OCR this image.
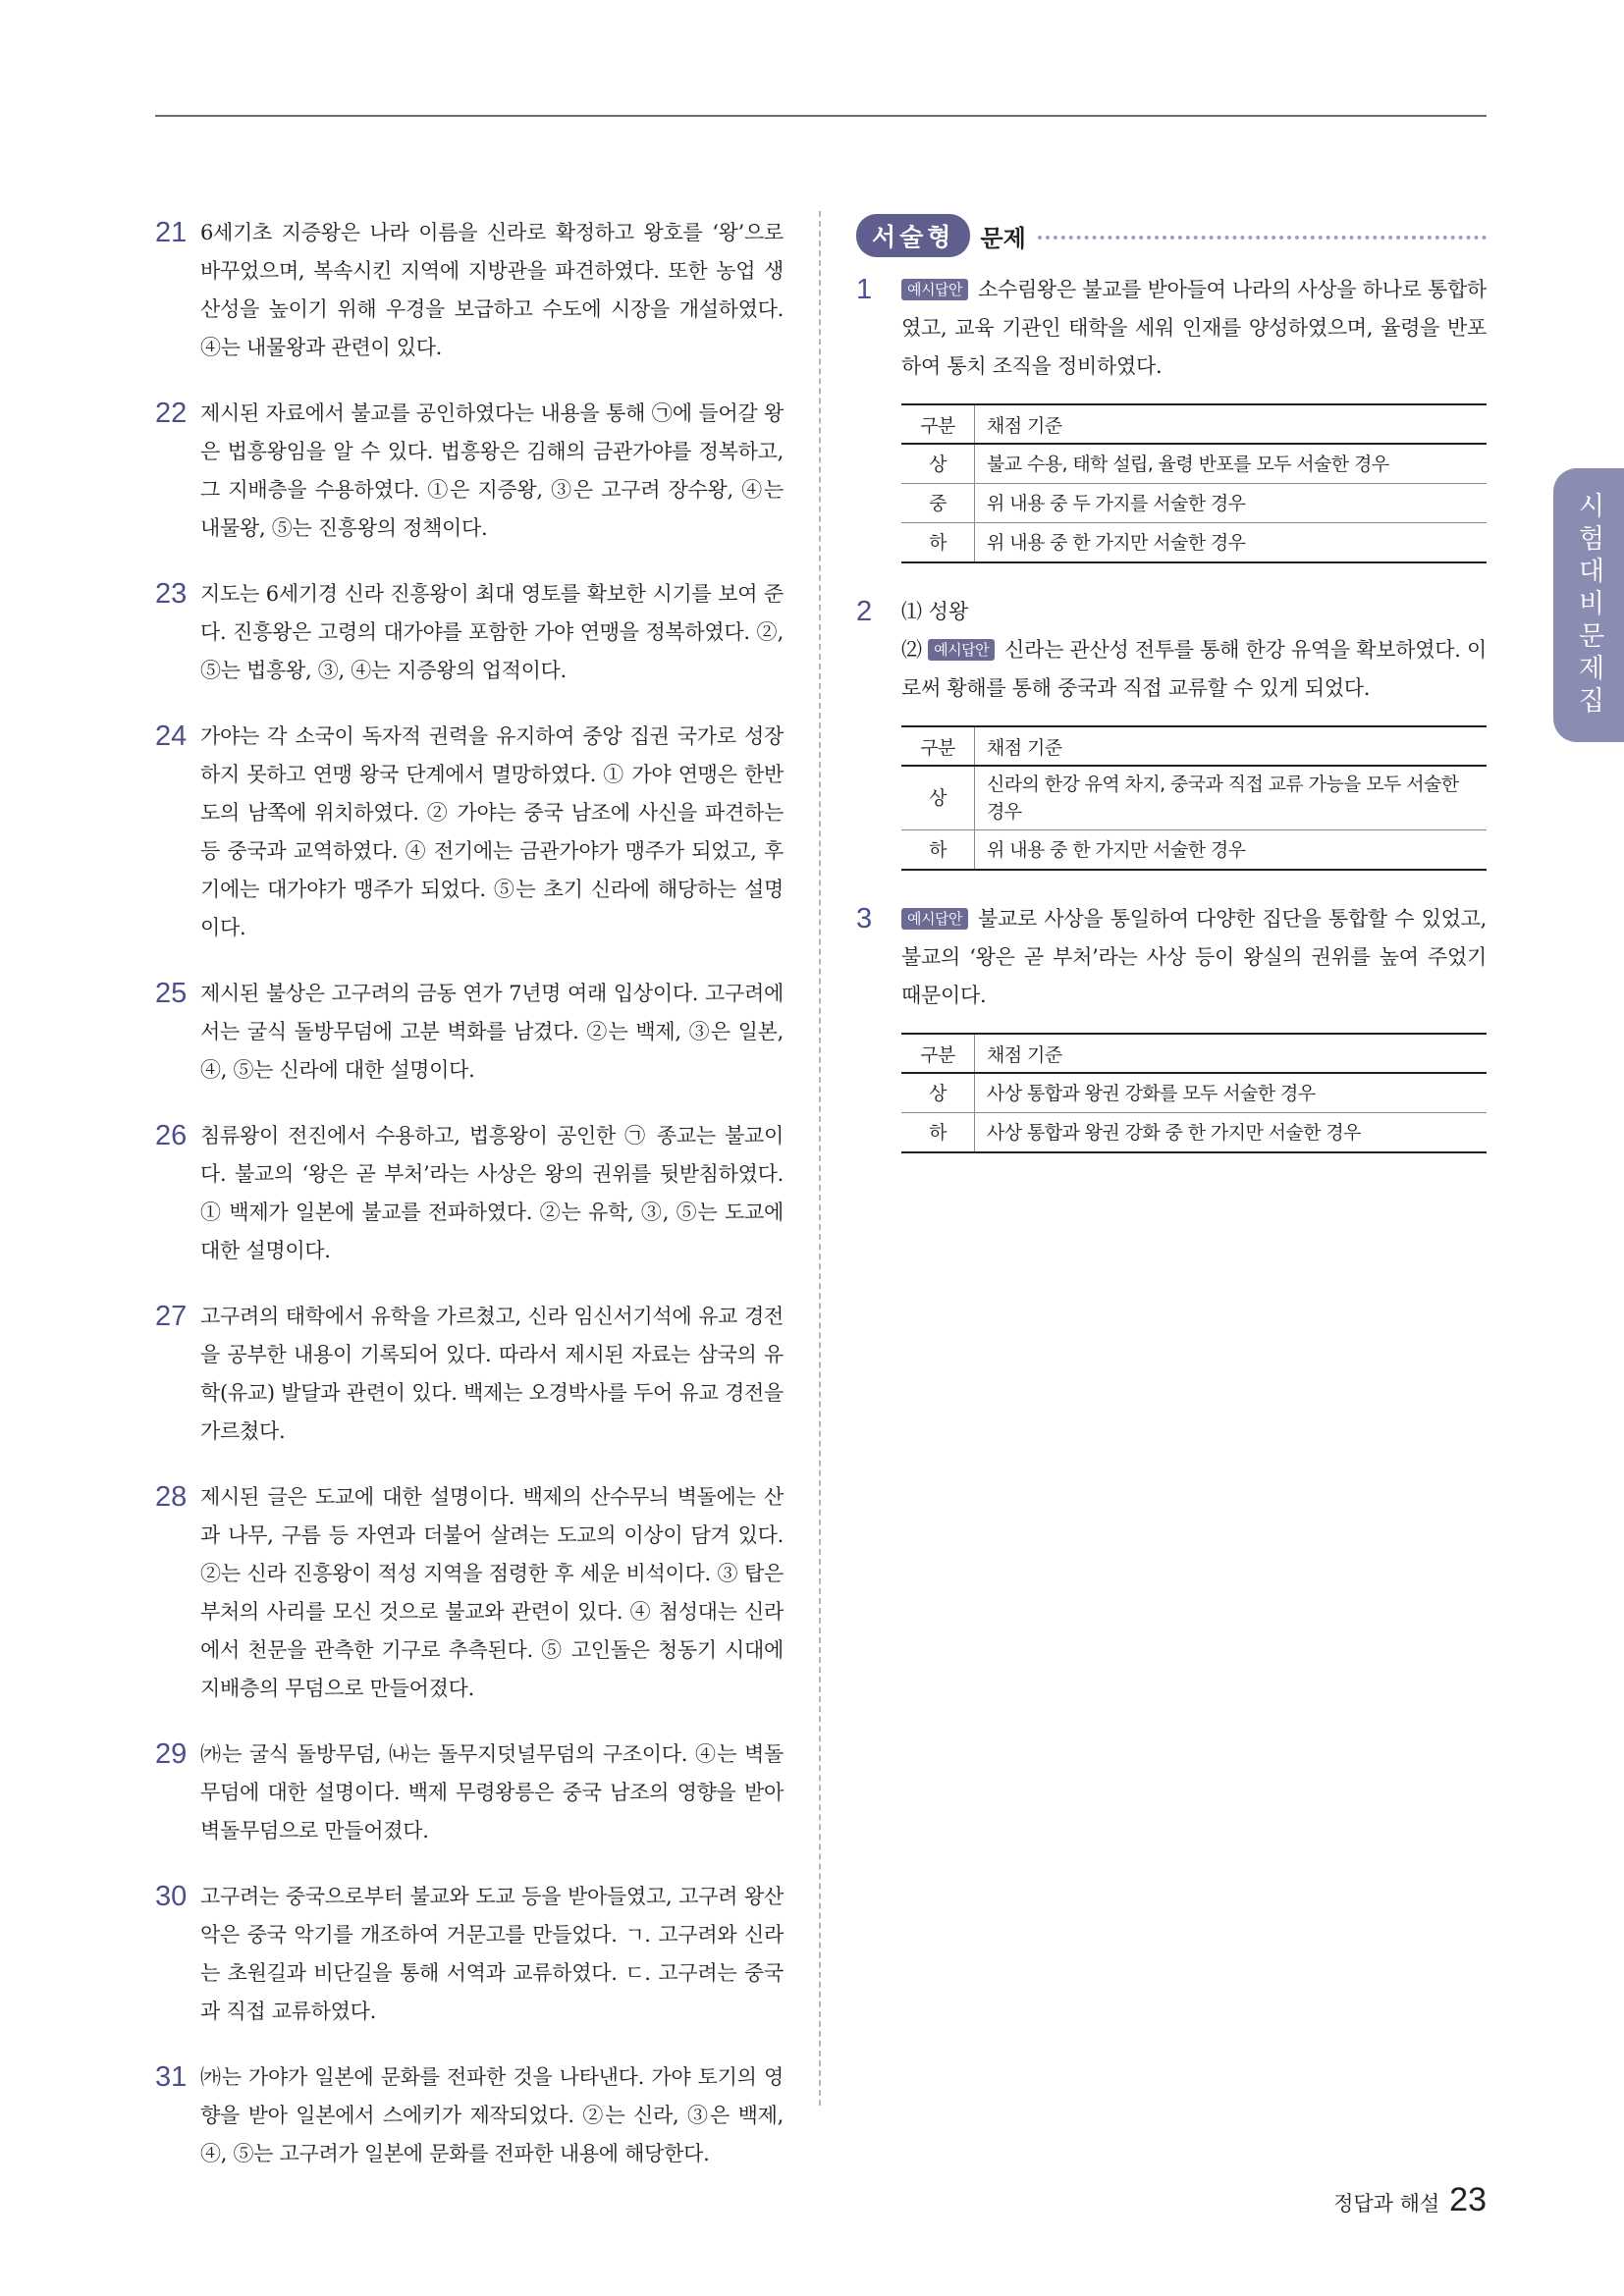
21 6세기초 지증왕은 나라 이름을 신라로 확정하고 왕호를 ‘왕’으로 바꾸었으며, 복속시킨 지역에 지방관을 파견하였다. 또한 농업 생산성을 높이기 위해 우경을 보급하고 수도에 시장을 개설하였다. ④는 내물왕과 관련이 있다.
22 제시된 자료에서 불교를 공인하였다는 내용을 통해 ㉠에 들어갈 왕은 법흥왕임을 알 수 있다. 법흥왕은 김해의 금관가야를 정복하고, 그 지배층을 수용하였다. ①은 지증왕, ③은 고구려 장수왕, ④는 내물왕, ⑤는 진흥왕의 정책이다.
23 지도는 6세기경 신라 진흥왕이 최대 영토를 확보한 시기를 보여 준다. 진흥왕은 고령의 대가야를 포함한 가야 연맹을 정복하였다. ②, ⑤는 법흥왕, ③, ④는 지증왕의 업적이다.
24 가야는 각 소국이 독자적 권력을 유지하여 중앙 집권 국가로 성장하지 못하고 연맹 왕국 단계에서 멸망하였다. ① 가야 연맹은 한반도의 남쪽에 위치하였다. ② 가야는 중국 남조에 사신을 파견하는 등 중국과 교역하였다. ④ 전기에는 금관가야가 맹주가 되었고, 후기에는 대가야가 맹주가 되었다. ⑤는 초기 신라에 해당하는 설명이다.
25 제시된 불상은 고구려의 금동 연가 7년명 여래 입상이다. 고구려에서는 굴식 돌방무덤에 고분 벽화를 남겼다. ②는 백제, ③은 일본, ④, ⑤는 신라에 대한 설명이다.
26 침류왕이 전진에서 수용하고, 법흥왕이 공인한 ㉠ 종교는 불교이다. 불교의 ‘왕은 곧 부처’라는 사상은 왕의 권위를 뒷받침하였다. ① 백제가 일본에 불교를 전파하였다. ②는 유학, ③, ⑤는 도교에 대한 설명이다.
27 고구려의 태학에서 유학을 가르쳤고, 신라 임신서기석에 유교 경전을 공부한 내용이 기록되어 있다. 따라서 제시된 자료는 삼국의 유학(유교) 발달과 관련이 있다. 백제는 오경박사를 두어 유교 경전을 가르쳤다.
28 제시된 글은 도교에 대한 설명이다. 백제의 산수무늬 벽돌에는 산과 나무, 구름 등 자연과 더불어 살려는 도교의 이상이 담겨 있다. ②는 신라 진흥왕이 적성 지역을 점령한 후 세운 비석이다. ③ 탑은 부처의 사리를 모신 것으로 불교와 관련이 있다. ④ 첨성대는 신라에서 천문을 관측한 기구로 추측된다. ⑤ 고인돌은 청동기 시대에 지배층의 무덤으로 만들어졌다.
29 ㈎는 굴식 돌방무덤, ㈏는 돌무지덧널무덤의 구조이다. ④는 벽돌무덤에 대한 설명이다. 백제 무령왕릉은 중국 남조의 영향을 받아 벽돌무덤으로 만들어졌다.
30 고구려는 중국으로부터 불교와 도교 등을 받아들였고, 고구려 왕산악은 중국 악기를 개조하여 거문고를 만들었다. ㄱ. 고구려와 신라는 초원길과 비단길을 통해 서역과 교류하였다. ㄷ. 고구려는 중국과 직접 교류하였다.
31 ㈎는 가야가 일본에 문화를 전파한 것을 나타낸다. 가야 토기의 영향을 받아 일본에서 스에키가 제작되었다. ②는 신라, ③은 백제, ④, ⑤는 고구려가 일본에 문화를 전파한 내용에 해당한다.
서술형	문제
1	예시답안 소수림왕은 불교를 받아들여 나라의 사상을 하나로 통합하였고, 교육 기관인 태학을 세워 인재를 양성하였으며, 율령을 반포하여 통치 조직을 정비하였다.
구분	채점 기준
상	불교 수용, 태학 설립, 율령 반포를 모두 서술한 경우
중	위 내용 중 두 가지를 서술한 경우
하	위 내용 중 한 가지만 서술한 경우
2	⑴ 성왕
⑵ 예시답안 신라는 관산성 전투를 통해 한강 유역을 확보하였다. 이로써 황해를 통해 중국과 직접 교류할 수 있게 되었다.
구분	채점 기준
상	신라의 한강 유역 차지, 중국과 직접 교류 가능을 모두 서술한 경우
하	위 내용 중 한 가지만 서술한 경우
3	예시답안 불교로 사상을 통일하여 다양한 집단을 통합할 수 있었고, 불교의 ‘왕은 곧 부처’라는 사상 등이 왕실의 권위를 높여 주었기 때문이다.
구분	채점 기준
상	사상 통합과 왕권 강화를 모두 서술한 경우
하	사상 통합과 왕권 강화 중 한 가지만 서술한 경우
시험대비문제집
정답과 해설 23
